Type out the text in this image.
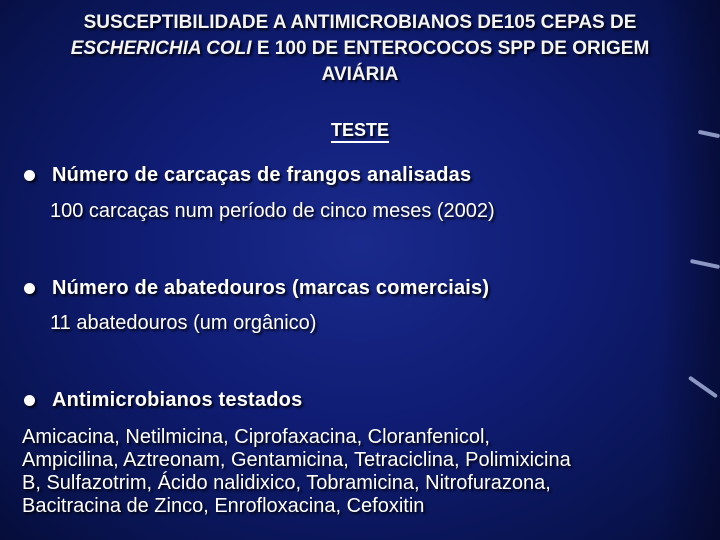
SUSCEPTIBILIDADE A ANTIMICROBIANOS DE105 CEPAS DE
ESCHERICHIA COLI E 100 DE ENTEROCOCOS SPP DE ORIGEM
AVIÁRIA
TESTE
Número de carcaças de frangos analisadas
100 carcaças num período de cinco meses (2002)
Número de abatedouros (marcas comerciais)
11 abatedouros (um orgânico)
Antimicrobianos testados
Amicacina, Netilmicina, Ciprofaxacina, Cloranfenicol,
Ampicilina, Aztreonam, Gentamicina, Tetraciclina, Polimixicina
B, Sulfazotrim, Ácido nalidixico, Tobramicina, Nitrofurazona,
Bacitracina de Zinco, Enrofloxacina, Cefoxitin
